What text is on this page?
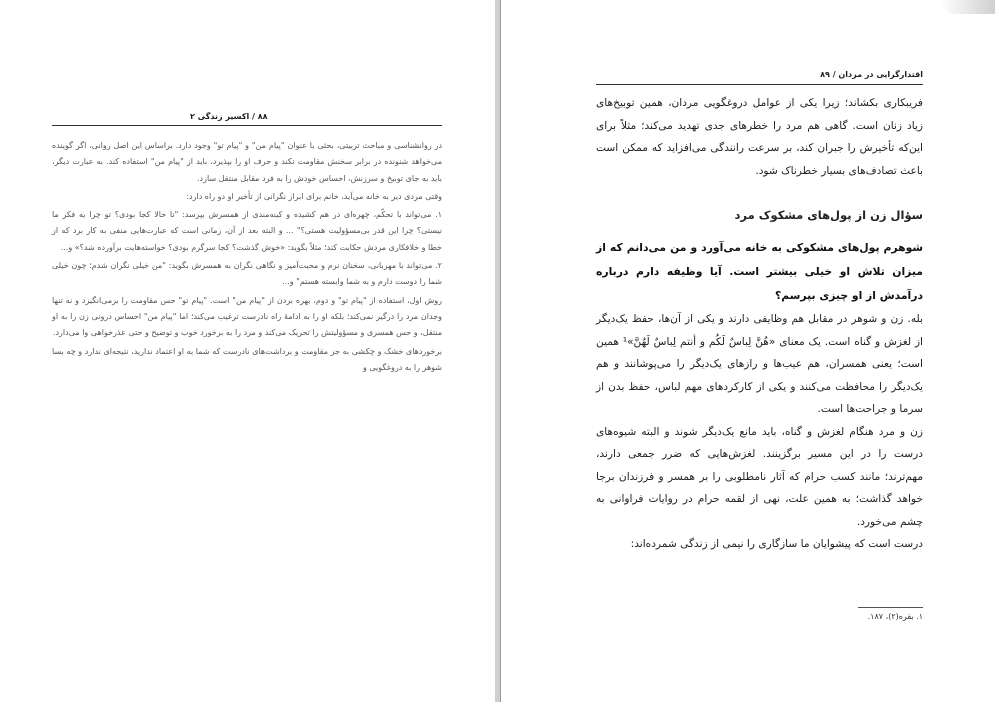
۸۸ / اکسیر زندگی ۲

در روانشناسی و مباحث تربیتی، بحثی با عنوان "پیام من" و "پیام تو" وجود دارد. براساس این اصل روانی، اگر گوینده می‌خواهد شنونده در برابر سخنش مقاومت نکند و حرف او را بپذیرد، باید از "پیام من" استفاده کند. به عبارت دیگر، باید به جای توبیخ و سرزنش، احساس خودش را به فرد مقابل منتقل سازد.

وقتی مردی دیر به خانه می‌آید، خانم برای ابراز نگرانی از تأخیر او دو راه دارد:

۱. می‌تواند با تحکّم، چهره‌ای در هم کشیده و کینه‌مندی از همسرش بپرسد: "تا حالا کجا بودی؟ تو چرا به فکر ما نیستی؟ چرا این قدر بی‌مسؤولیت هستی؟" ... و البته بعد از آن، زمانی است که عبارت‌هایی منفی به کار برد که از خطا و خلافکاری مردش حکایت کند؛ مثلاً بگوید: «خوش گذشت؟ کجا سرگرم بودی؟ خواسته‌هایت برآورده شد؟» و...

۲. می‌تواند با مهربانی، سخنان نرم و محبت‌آمیز و نگاهی نگران به همسرش بگوید: "من خیلی نگران شدم؛ چون خیلی شما را دوست دارم و به شما وابسته هستم" و...

روش اول، استفاده از "پیام تو" و دوم، بهره بردن از "پیام من" است. "پیام تو" حس مقاومت را برمی‌انگیزد و نه تنها وجدان مرد را درگیر نمی‌کند؛ بلکه او را به ادامهٔ راه نادرست ترغیب می‌کند؛ اما "پیام من" احساس درونی زن را به او منتقل، و حس همسری و مسؤولیتش را تحریک می‌کند و مرد را به برخورد خوب و توضیح و حتی عذرخواهی وا می‌دارد.

برخوردهای خشک و چکشی به جز مقاومت و برداشت‌های نادرست که شما به او اعتماد ندارید، نتیجه‌ای ندارد و چه بسا شوهر را به دروغگویی و

اقتدارگرایی در مردان / ۸۹

فریبکاری بکشاند؛ زیرا یکی از عوامل دروغگویی مردان، همین توبیخ‌های زیاد زنان است. گاهی هم مرد را خطرهای جدی تهدید می‌کند؛ مثلاً برای این‌که تأخیرش را جبران کند، بر سرعت رانندگی می‌افزاید که ممکن است باعث تصادف‌های بسیار خطرناک شود.

سؤال زن از پول‌های مشکوک مرد

شوهرم پول‌های مشکوکی به خانه می‌آورد و من می‌دانم که از میزان تلاش او خیلی بیشتر است. آیا وظیفه دارم درباره درآمدش از او چیزی بپرسم؟

بله. زن و شوهر در مقابل هم وظایفی دارند و یکی از آن‌ها، حفظ یک‌دیگر از لغزش و گناه است. یک معنای «هُنَّ لِباسٌ لَکُم و أنتم لِباسٌ لَهُنَّ»¹ همین است؛ یعنی همسران، هم عیب‌ها و رازهای یک‌دیگر را می‌پوشانند و هم یک‌دیگر را محافظت می‌کنند و یکی از کارکردهای مهم لباس، حفظ بدن از سرما و جراحت‌ها است.

زن و مرد هنگام لغزش و گناه، باید مانع یک‌دیگر شوند و البته شیوه‌های درست را در این مسیر برگزینند. لغزش‌هایی که ضرر جمعی دارند، مهم‌ترند؛ مانند کسب حرام که آثار نامطلوبی را بر همسر و فرزندان برجا خواهد گذاشت؛ به همین علت، نهی از لقمه حرام در روایات فراوانی به چشم می‌خورد.

درست است که پیشوایان ما سازگاری را نیمی از زندگی شمرده‌اند:

۱. بقره(۲)، ۱۸۷.
